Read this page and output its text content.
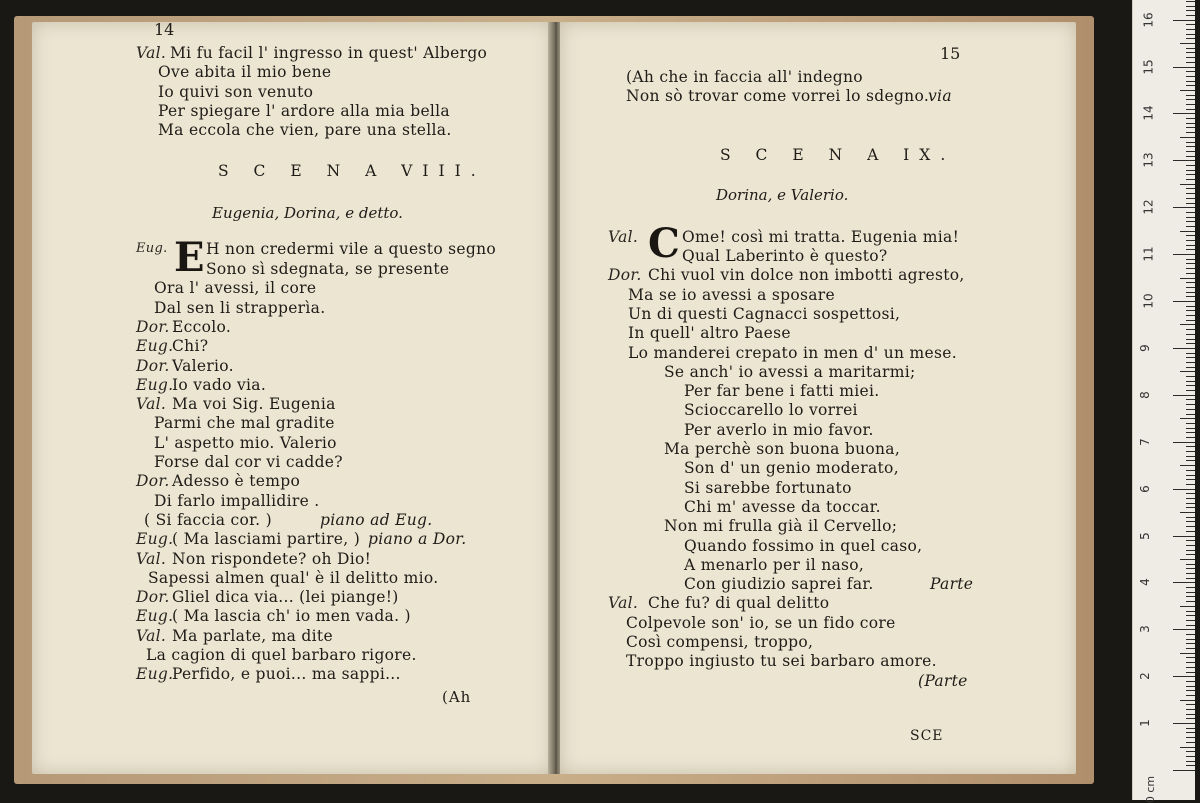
14
Val. Mi fu facil l' ingresso in quest' Albergo
Ove abita il mio bene
Io quivi son venuto
Per spiegare l' ardore alla mia bella
Ma eccola che vien, pare una stella.
S C E N A VIII.
Eugenia, Dorina, e detto.
Eug. E H non credermi vile a questo segno
Sono sì sdegnata, se presente
Ora l' avessi, il core
Dal sen li strapperìa.
Dor. Eccolo.
Eug.
Chi?
Dor. Valerio.
Eug.
Io vado via.
Val. Ma voi Sig. Eugenia
Parmi che mal gradite
L' aspetto mio. Valerio
Forse dal cor vi cadde?
Dor. Adesso è tempo
Di farlo impallidire .
( Si faccia cor. )	piano ad Eug.
Eug.
( Ma lasciami partire, ) piano a Dor.
Val. Non rispondete? oh Dio!
Sapessi almen qual' è il delitto mio.
Dor. Gliel dica via... (lei piange!)
Eug.
( Ma lascia ch' io men vada. )
Val. Ma parlate, ma dite
La cagion di quel barbaro rigore.
Eug.
Perfido, e puoi... ma sappi...
(Ah
15
(Ah che in faccia all' indegno
Non sò trovar come vorrei lo sdegno.
via
S C E N A IX.
Dorina, e Valerio.
Val. C Ome! così mi tratta. Eugenia mia!
Qual Laberinto è questo?
Dor. Chi vuol vin dolce non imbotti agresto,
Ma se io avessi a sposare
Un di questi Cagnacci sospettosi,
In quell' altro Paese
Lo manderei crepato in men d' un mese.
Se anch' io avessi a maritarmi;
Per far bene i fatti miei.
Scioccarello lo vorrei
Per averlo in mio favor.
Ma perchè son buona buona,
Son d' un genio moderato,
Si sarebbe fortunato
Chi m' avesse da toccar.
Non mi frulla già il Cervello;
Quando fossimo in quel caso,
A menarlo per il naso,
Con giudizio saprei far.	Parte
Val. Che fu? di qual delitto
Colpevole son' io, se un fido core
Così compensi, troppo,
Troppo ingiusto tu sei barbaro amore.
(Parte
SCE
0 cm
1
2
3
4
5
6
7
8
9
10
11
12
13
14
15
16
